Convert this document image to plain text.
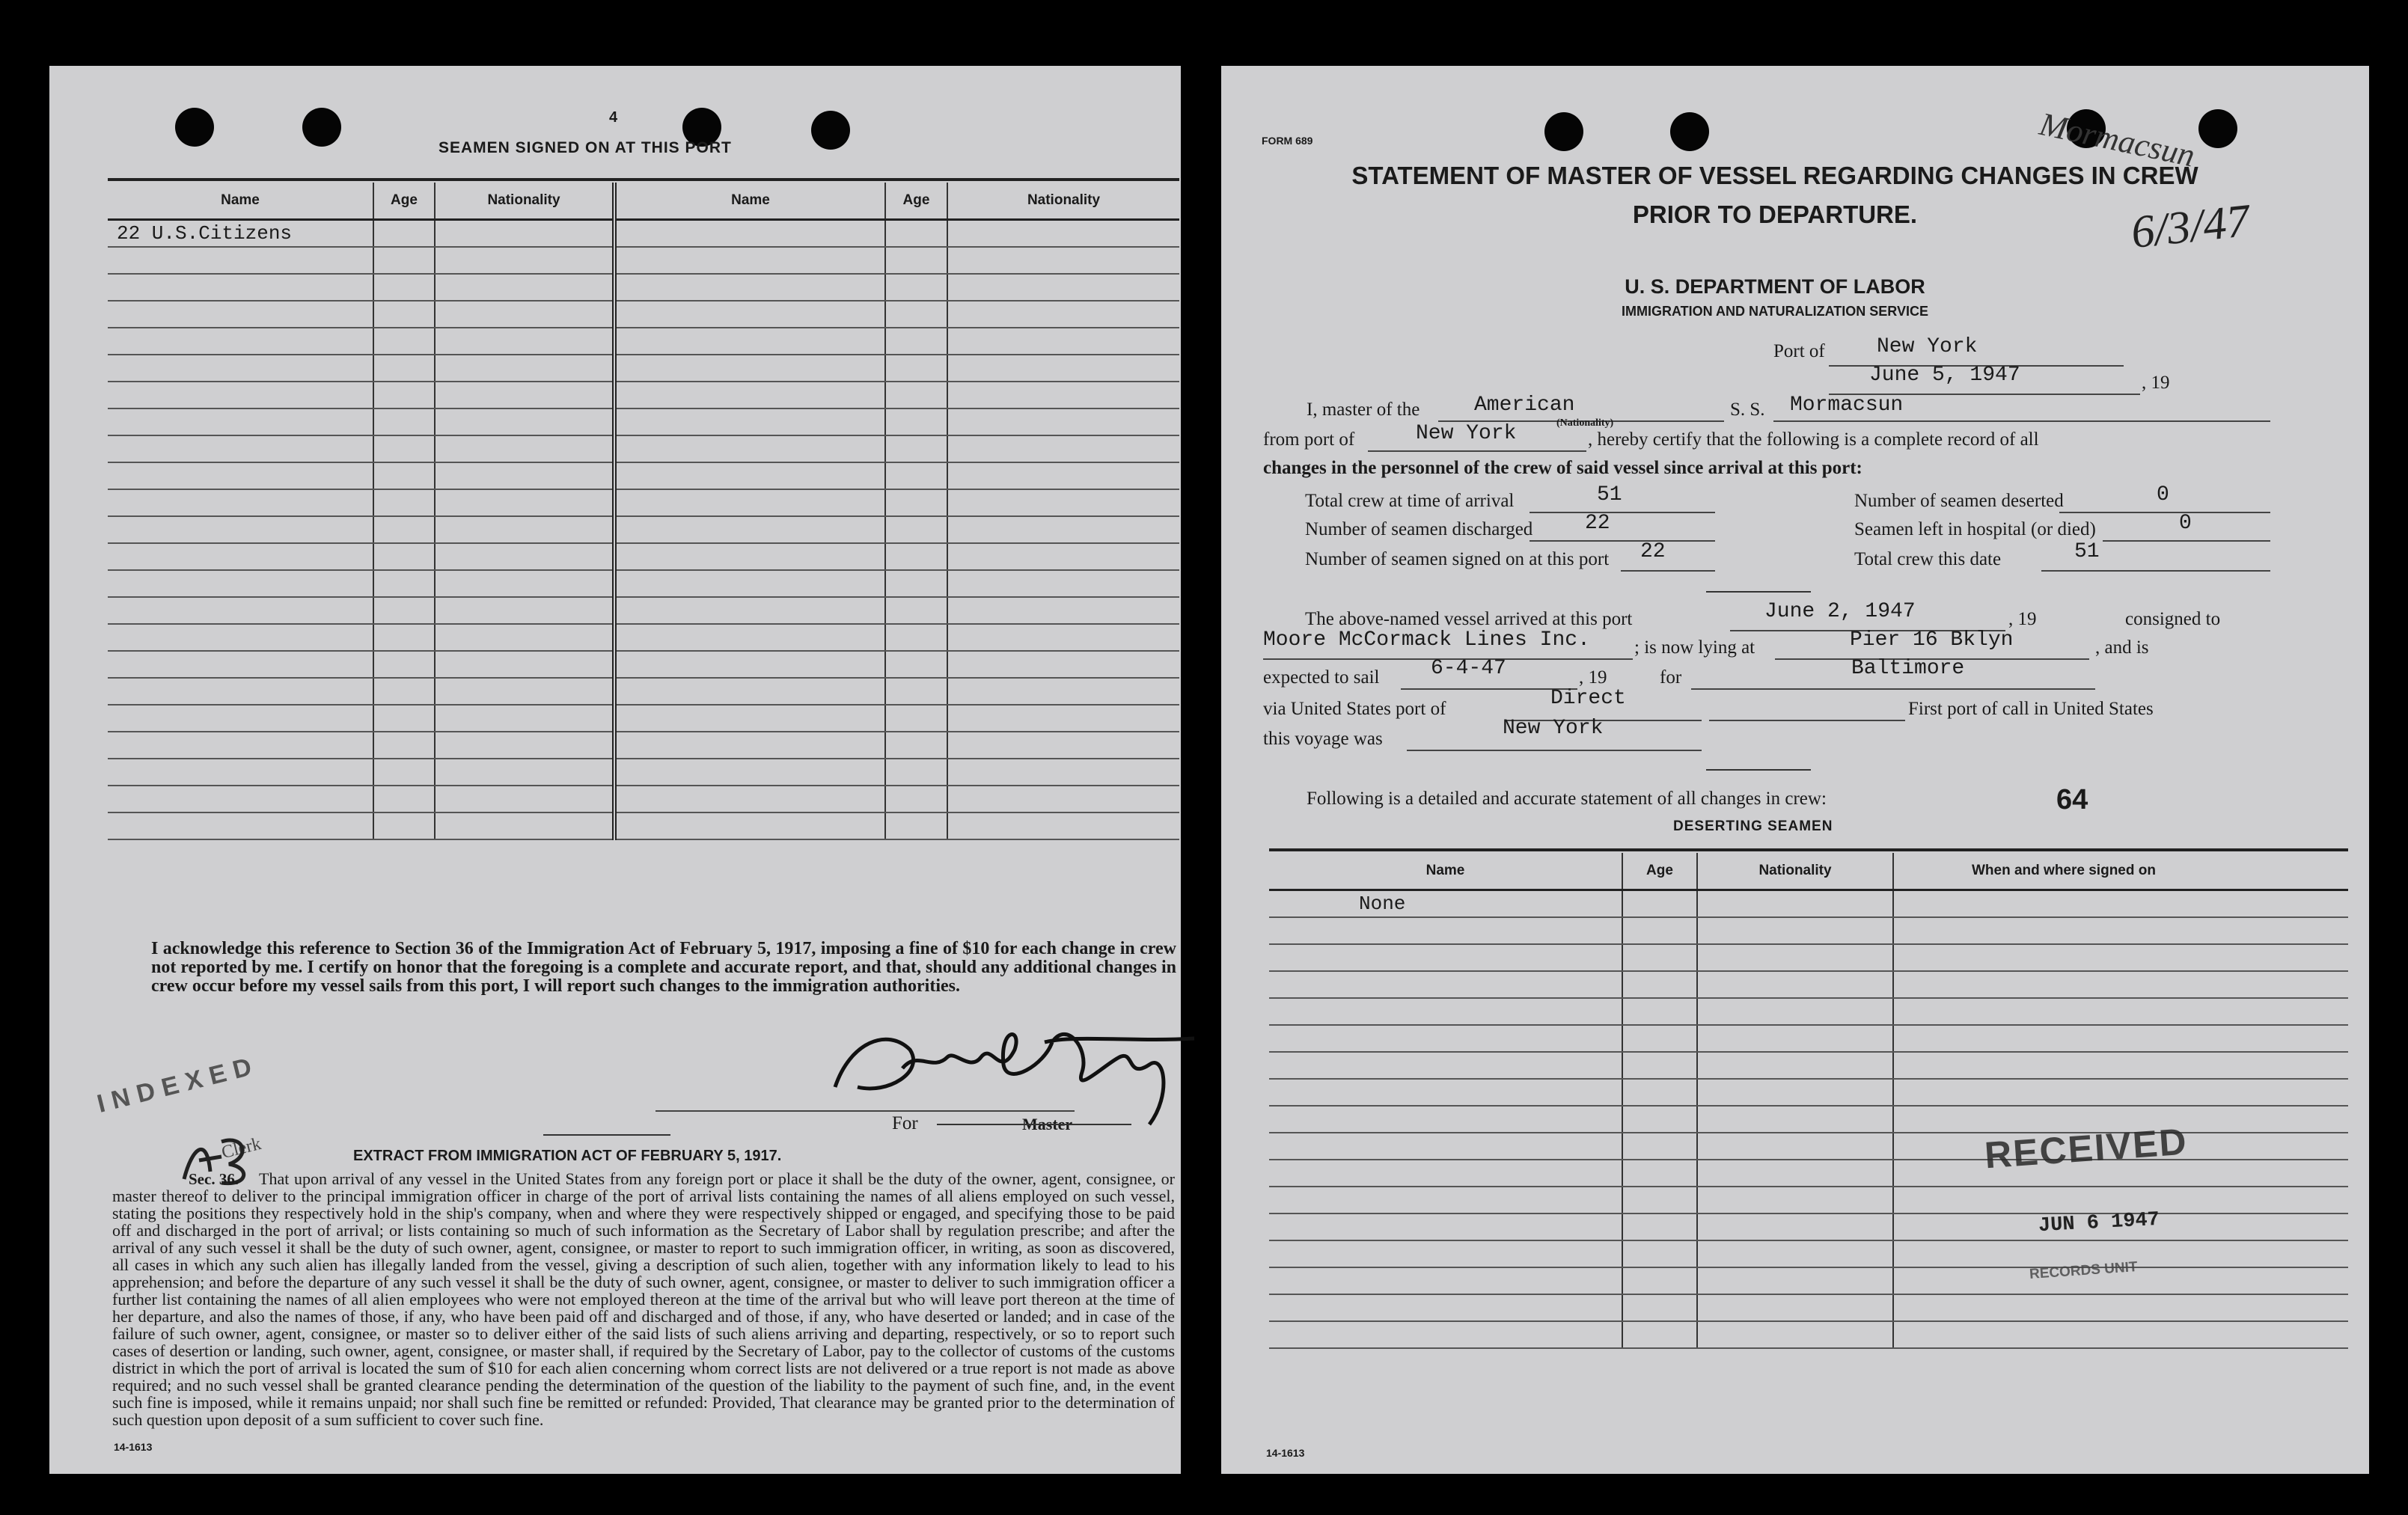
4
SEAMEN SIGNED ON AT THIS PORT
Name	Age	Nationality	Name	Age	Nationality
22 U.S.Citizens					

I acknowledge this reference to Section 36 of the Immigration Act of February 5, 1917, imposing a fine of $10 for each change in crew not reported by me. I certify on honor that the foregoing is a complete and accurate report, and that, should any additional changes in crew occur before my vessel sails from this port, I will report such changes to the immigration authorities.
For	Master
INDEXED
Clerk	EXTRACT FROM IMMIGRATION ACT OF FEBRUARY 5, 1917.
Sec. 36.	That upon arrival of any vessel in the United States from any foreign port or place it shall be the duty of the owner, agent, consignee, or master thereof to deliver to the principal immigration officer in charge of the port of arrival lists containing the names of all aliens employed on such vessel, stating the positions they respectively hold in the ship's company, when and where they were respectively shipped or engaged, and specifying those to be paid off and discharged in the port of arrival; or lists containing so much of such information as the Secretary of Labor shall by regulation prescribe; and after the arrival of any such vessel it shall be the duty of such owner, agent, consignee, or master to report to such immigration officer, in writing, as soon as discovered, all cases in which any such alien has illegally landed from the vessel, giving a description of such alien, together with any information likely to lead to his apprehension; and before the departure of any such vessel it shall be the duty of such owner, agent, consignee, or master to deliver to such immigration officer a further list containing the names of all alien employees who were not employed thereon at the time of the arrival but who will leave port thereon at the time of her departure, and also the names of those, if any, who have been paid off and discharged and of those, if any, who have deserted or landed; and in case of the failure of such owner, agent, consignee, or master so to deliver either of the said lists of such aliens arriving and departing, respectively, or so to report such cases of desertion or landing, such owner, agent, consignee, or master shall, if required by the Secretary of Labor, pay to the collector of customs of the customs district in which the port of arrival is located the sum of $10 for each alien concerning whom correct lists are not delivered or a true report is not made as above required; and no such vessel shall be granted clearance pending the determination of the question of the liability to the payment of such fine, and, in the event such fine is imposed, while it remains unpaid; nor shall such fine be remitted or refunded: Provided, That clearance may be granted prior to the determination of such question upon deposit of a sum sufficient to cover such fine.
14-1613
FORM 689	Mormacsun
6/3/47
STATEMENT OF MASTER OF VESSEL REGARDING CHANGES IN CREW
PRIOR TO DEPARTURE.
U. S. DEPARTMENT OF LABOR
IMMIGRATION AND NATURALIZATION SERVICE
Port of New York
June 5, 1947	, 19
I, master of the	American
(Nationality)
S. S. Mormacsun
from port of	New York	, hereby certify that the following is a complete record of all
changes in the personnel of the crew of said vessel since arrival at this port:
Total crew at time of arrival	51	Number of seamen deserted	0
Number of seamen discharged 22	Seamen left in hospital (or died)	0
Number of seamen signed on at this port 22	Total crew this date	51
The above-named vessel arrived at this port	June 2, 1947	, 19	consigned to
Moore McCormack Lines Inc. ; is now lying at	Pier 16 Bklyn	, and is
expected to sail 6-4-47	, 19	for	Baltimore
via United States port of	Direct	First port of call in United States
this voyage was	New York
Following is a detailed and accurate statement of all changes in crew:	64
DESERTING SEAMEN
Name	Age	Nationality	When and where signed on
None			

RECEIVED
JUN 6 1947
RECORDS UNIT
14-1613
